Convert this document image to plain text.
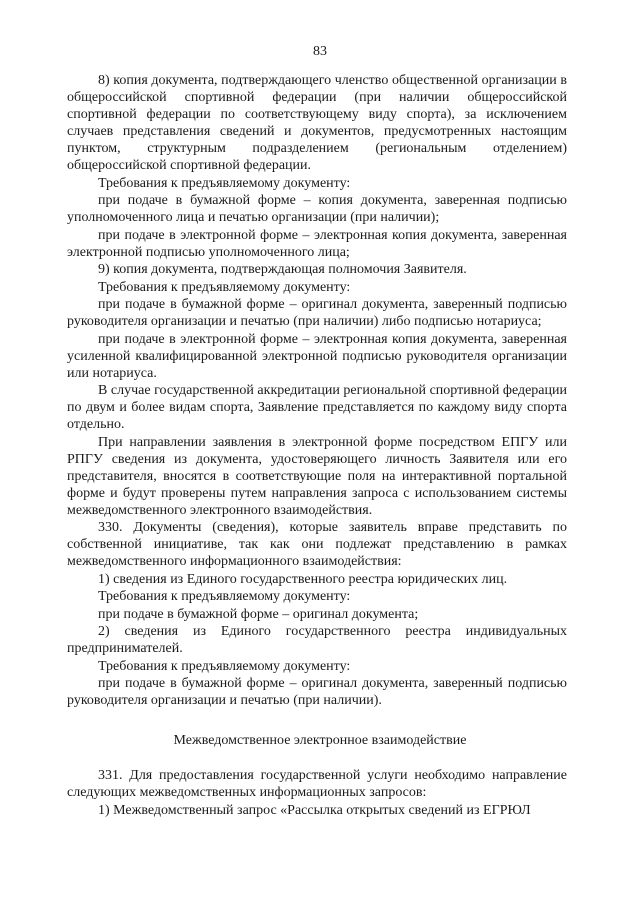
83

8) копия документа, подтверждающего членство общественной организации в общероссийской спортивной федерации (при наличии общероссийской спортивной федерации по соответствующему виду спорта), за исключением случаев представления сведений и документов, предусмотренных настоящим пунктом, структурным подразделением (региональным отделением) общероссийской спортивной федерации.

Требования к предъявляемому документу:

при подаче в бумажной форме – копия документа, заверенная подписью уполномоченного лица и печатью организации (при наличии);

при подаче в электронной форме – электронная копия документа, заверенная электронной подписью уполномоченного лица;

9) копия документа, подтверждающая полномочия Заявителя.

Требования к предъявляемому документу:

при подаче в бумажной форме – оригинал документа, заверенный подписью руководителя организации и печатью (при наличии) либо подписью нотариуса;

при подаче в электронной форме – электронная копия документа, заверенная усиленной квалифицированной электронной подписью руководителя организации или нотариуса.

В случае государственной аккредитации региональной спортивной федерации по двум и более видам спорта, Заявление представляется по каждому виду спорта отдельно.

При направлении заявления в электронной форме посредством ЕПГУ или РПГУ сведения из документа, удостоверяющего личность Заявителя или его представителя, вносятся в соответствующие поля на интерактивной портальной форме и будут проверены путем направления запроса с использованием системы межведомственного электронного взаимодействия.

330. Документы (сведения), которые заявитель вправе представить по собственной инициативе, так как они подлежат представлению в рамках межведомственного информационного взаимодействия:

1) сведения из Единого государственного реестра юридических лиц.

Требования к предъявляемому документу:

при подаче в бумажной форме – оригинал документа;

2) сведения из Единого государственного реестра индивидуальных предпринимателей.

Требования к предъявляемому документу:

при подаче в бумажной форме – оригинал документа, заверенный подписью руководителя организации и печатью (при наличии).

Межведомственное электронное взаимодействие

331. Для предоставления государственной услуги необходимо направление следующих межведомственных информационных запросов:

1) Межведомственный запрос «Рассылка открытых сведений из ЕГРЮЛ
